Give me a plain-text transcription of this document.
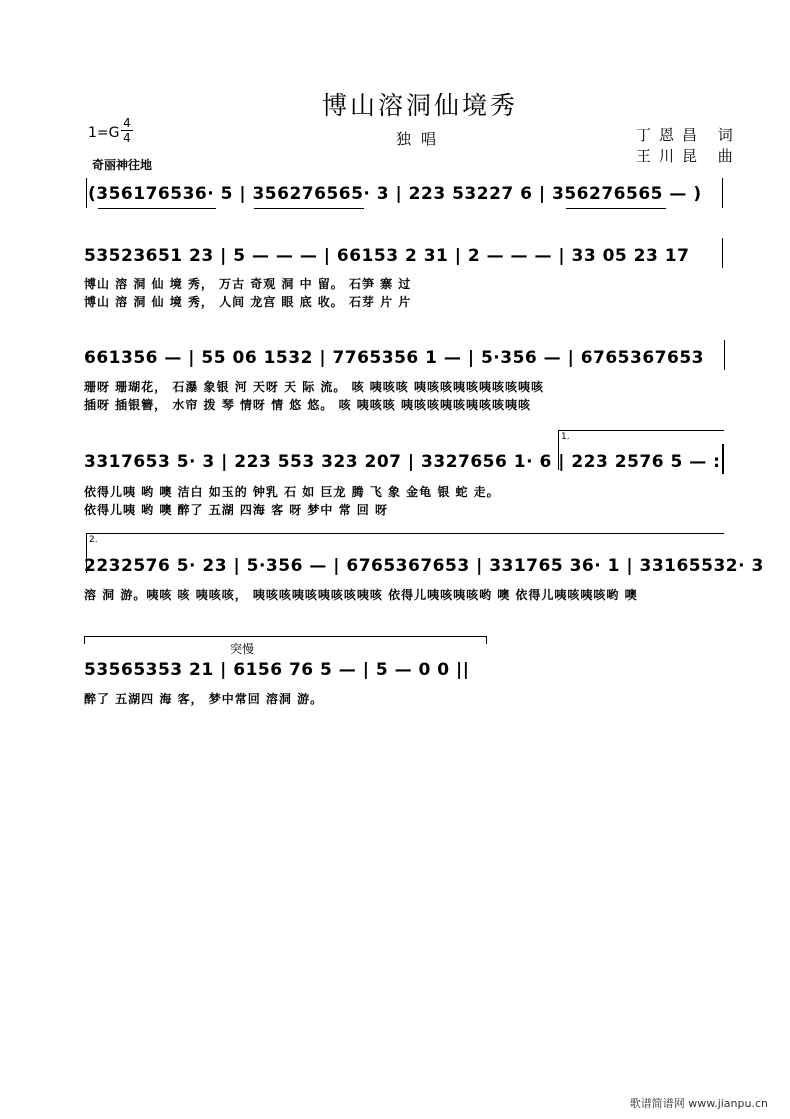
博山溶洞仙境秀
独唱	丁恩昌 词
王川昆 曲
1=G
4
4
奇丽神往地
(356176536· 5 | 356276565· 3 | 223 53227 6 | 356276565 — )
53523651 23 | 5 — — — | 66153 2 31 | 2 — — — | 33 05 23 17
博山 溶 洞 仙 境 秀， 万古 奇观 洞 中 留。 石笋 寨 过
博山 溶 洞 仙 境 秀， 人间 龙宫 眼 底 收。 石芽 片 片
661356 — | 55 06 1532 | 7765356 1 — | 5·356 — | 6765367653
珊呀 珊瑚花， 石瀑 象银 河 天呀 天 际 流。 咳 咦咳咳 咦咳咳咦咳咦咳咳咦咳
插呀 插银簪， 水帘 拨 琴 情呀 情 悠 悠。 咳 咦咳咳 咦咳咳咦咳咦咳咳咦咳
1.
3317653 5· 3 | 223 553 323 207 | 3327656 1· 6 | 223 2576 5 — :
依得儿咦 哟 噢 洁白 如玉的 钟乳 石 如 巨龙 腾 飞 象 金龟 银 蛇 走。
依得儿咦 哟 噢 醉了 五湖 四海 客 呀 梦中 常 回 呀
2.
2232576 5· 23 | 5·356 — | 6765367653 | 331765 36· 1 | 33165532· 3
溶 洞 游。咦咳 咳 咦咳咳， 咦咳咳咦咳咦咳咳咦咳 依得儿咦咳咦咳哟 噢 依得儿咦咳咦咳哟 噢
突慢
53565353 21 | 6156 76 5 — | 5 — 0 0 ||
醉了 五湖四 海 客， 梦中常回 溶洞 游。
歌谱简谱网 www.jianpu.cn
